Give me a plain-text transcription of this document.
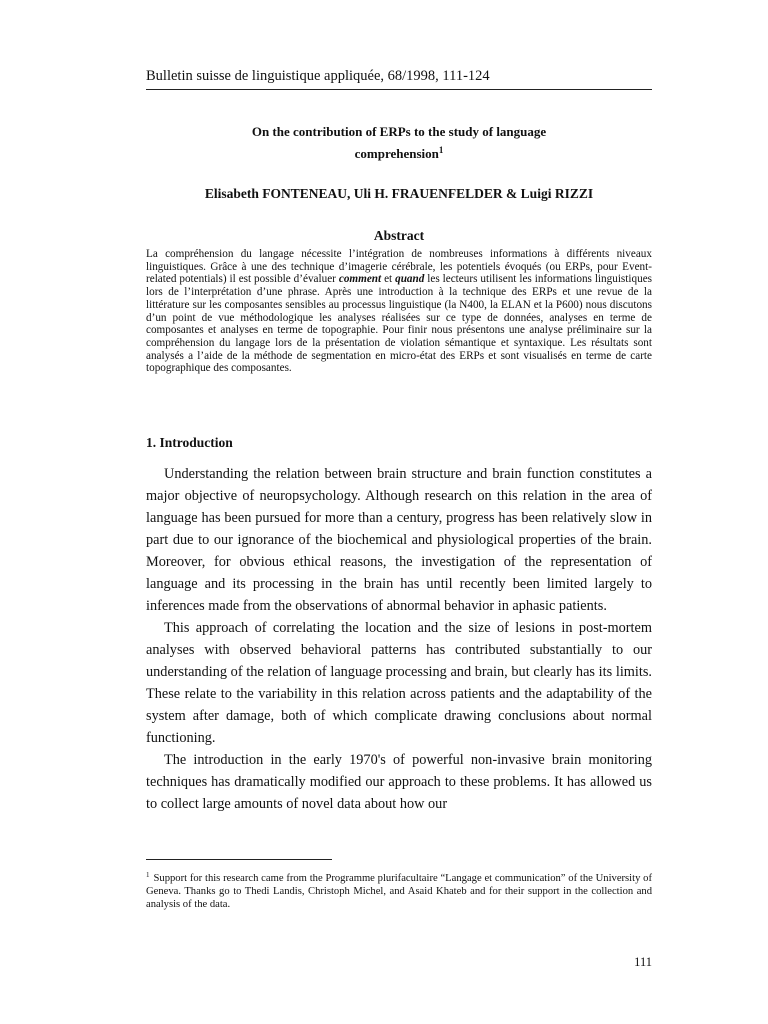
Bulletin suisse de linguistique appliquée, 68/1998, 111-124
On the contribution of ERPs to the study of language
comprehension$^1$
Elisabeth FONTENEAU, Uli H. FRAUENFELDER & Luigi RIZZI
Abstract
La compréhension du langage nécessite l’intégration de nombreuses informations à différents niveaux linguistiques. Grâce à une des technique d’imagerie cérébrale, les potentiels évoqués (ou ERPs, pour Event-related potentials) il est possible d’évaluer comment et quand les lecteurs utilisent les informations linguistiques lors de l’interprétation d’une phrase. Après une introduction à la technique des ERPs et une revue de la littérature sur les composantes sensibles au processus linguistique (la N400, la ELAN et la P600) nous discutons d’un point de vue méthodologique les analyses réalisées sur ce type de données, analyses en terme de composantes et analyses en terme de topographie. Pour finir nous présentons une analyse préliminaire sur la compréhension du langage lors de la présentation de violation sémantique et syntaxique. Les résultats sont analysés a l’aide de la méthode de segmentation en micro-état des ERPs et sont visualisés en terme de carte topographique des composantes.
1. Introduction

Understanding the relation between brain structure and brain function constitutes a major objective of neuropsychology. Although research on this relation in the area of language has been pursued for more than a century, progress has been relatively slow in part due to our ignorance of the biochemical and physiological properties of the brain. Moreover, for obvious ethical reasons, the investigation of the representation of language and its processing in the brain has until recently been limited largely to inferences made from the observations of abnormal behavior in aphasic patients.

This approach of correlating the location and the size of lesions in post-mortem analyses with observed behavioral patterns has contributed substantially to our understanding of the relation of language processing and brain, but clearly has its limits. These relate to the variability in this relation across patients and the adaptability of the system after damage, both of which complicate drawing conclusions about normal functioning.

The introduction in the early 1970's of powerful non-invasive brain monitoring techniques has dramatically modified our approach to these problems. It has allowed us to collect large amounts of novel data about how our

$^1$ Support for this research came from the Programme plurifacultaire “Langage et communication” of the University of Geneva. Thanks go to Thedi Landis, Christoph Michel, and Asaid Khateb and for their support in the collection and analysis of the data.
111
